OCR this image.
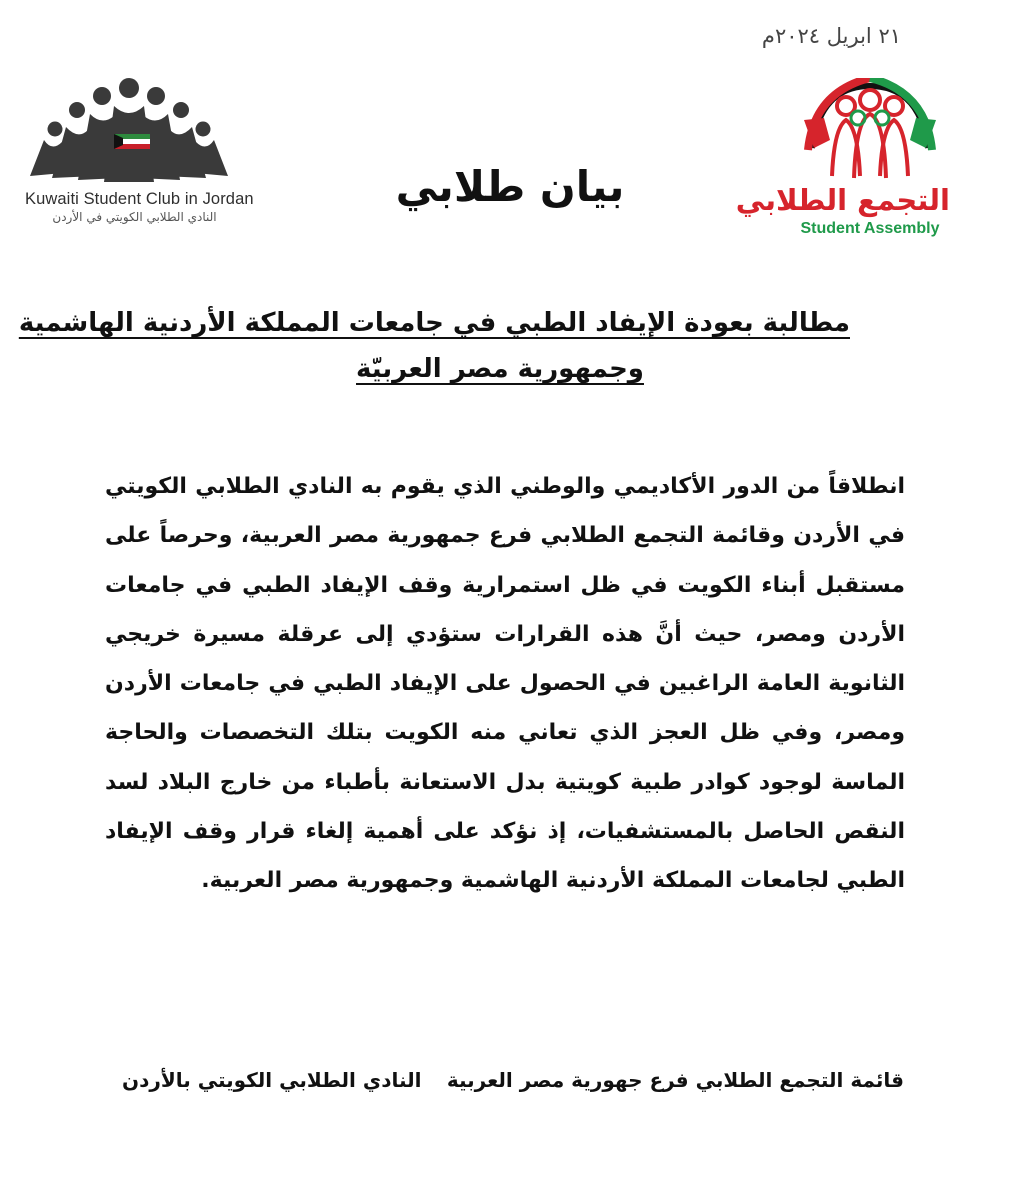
٢١ ابريل ٢٠٢٤م
Kuwaiti Student Club in Jordan
النادي الطلابي الكويتي في الأردن	التجمع الطلابي
Student Assembly
بيان طلابي
مطالبة بعودة الإيفاد الطبي في جامعات المملكة الأردنية الهاشمية
وجمهورية مصر العربيّة
انطلاقاً من الدور الأكاديمي والوطني الذي يقوم به النادي الطلابي الكويتي في الأردن وقائمة التجمع الطلابي فرع جمهورية مصر العربية، وحرصاً على مستقبل أبناء الكويت في ظل استمرارية وقف الإيفاد الطبي في جامعات الأردن ومصر، حيث أنَّ هذه القرارات ستؤدي إلى عرقلة مسيرة خريجي الثانوية العامة الراغبين في الحصول على الإيفاد الطبي في جامعات الأردن ومصر، وفي ظل العجز الذي تعاني منه الكويت بتلك التخصصات والحاجة الماسة لوجود كوادر طبية كويتية بدل الاستعانة بأطباء من خارج البلاد لسد النقص الحاصل بالمستشفيات، إذ نؤكد على أهمية إلغاء قرار وقف الإيفاد الطبي لجامعات المملكة الأردنية الهاشمية وجمهورية مصر العربية.
قائمة التجمع الطلابي فرع جهورية مصر العربية
النادي الطلابي الكويتي بالأردن
